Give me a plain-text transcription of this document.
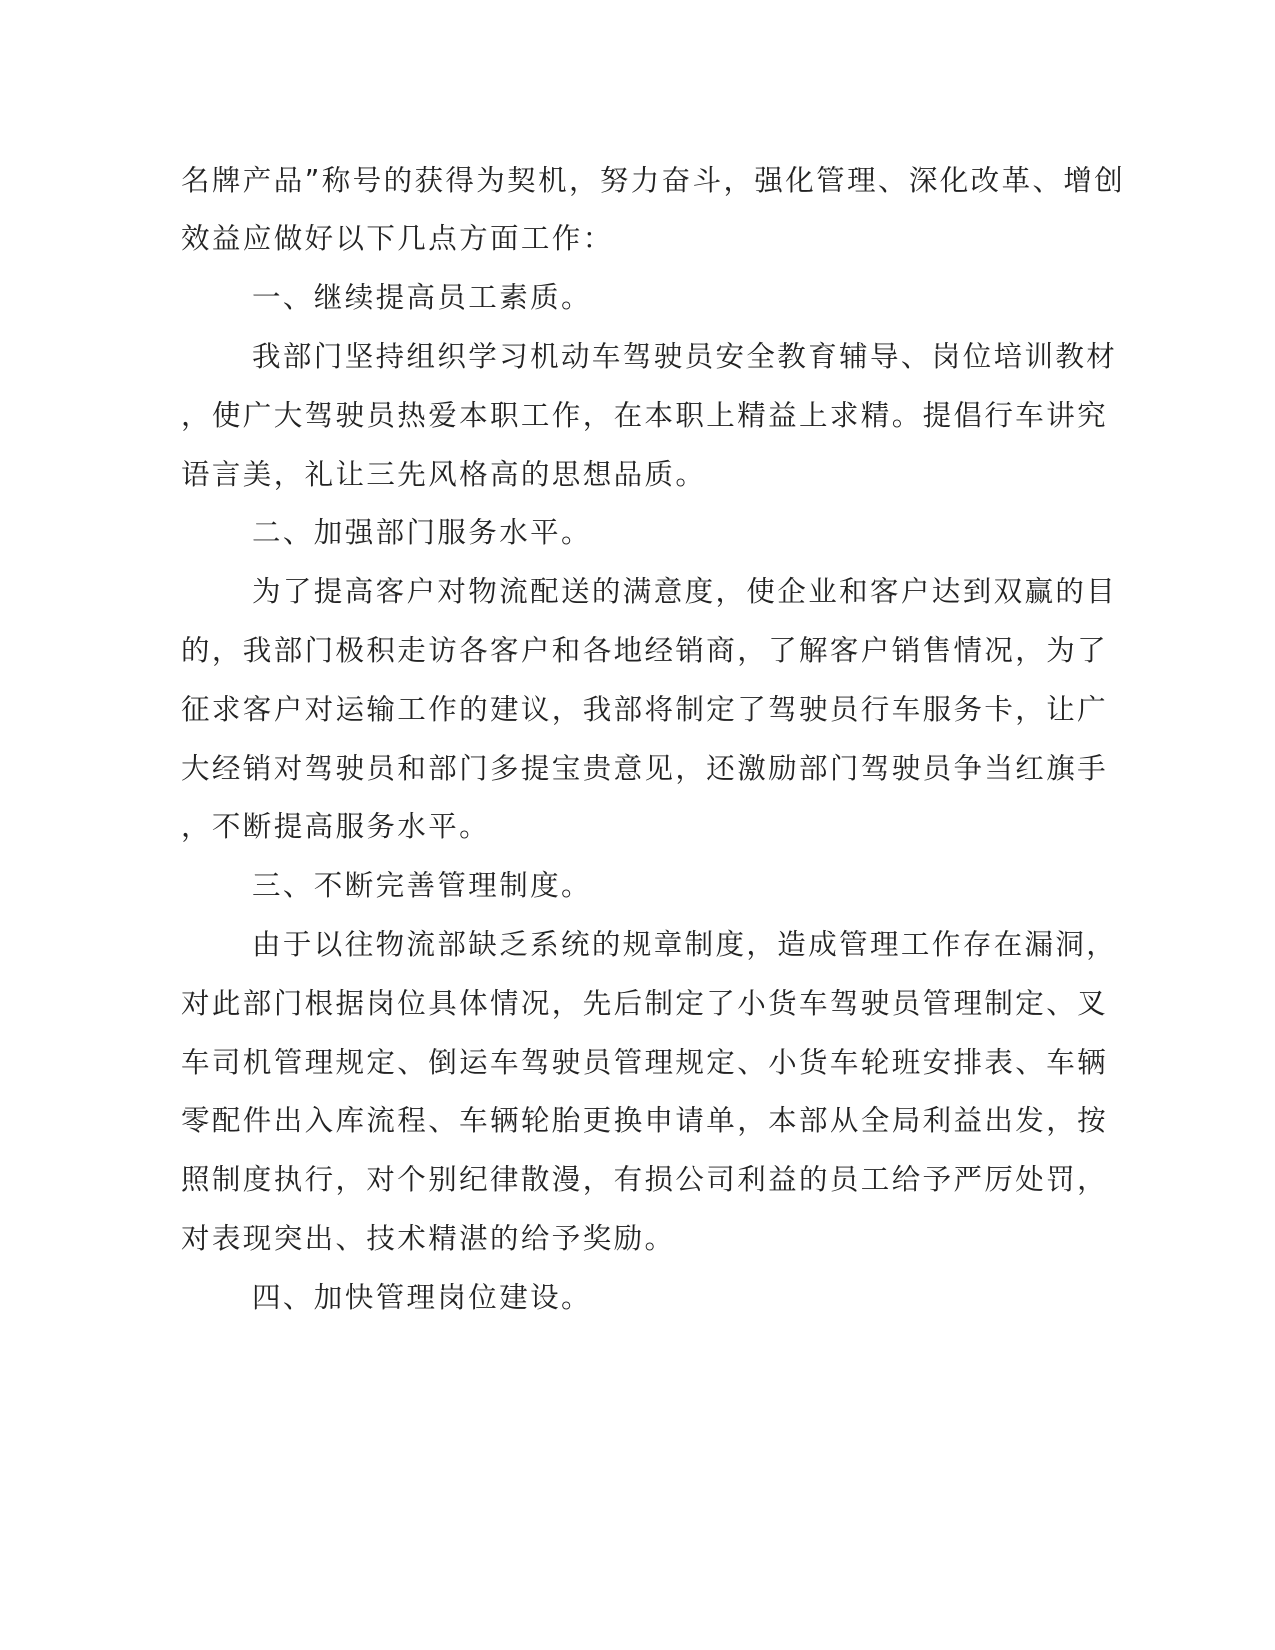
名牌产品”称号的获得为契机，努力奋斗，强化管理、深化改革、增创

效益应做好以下几点方面工作：

一、继续提高员工素质。

我部门坚持组织学习机动车驾驶员安全教育辅导、岗位培训教材

，使广大驾驶员热爱本职工作，在本职上精益上求精。提倡行车讲究

语言美，礼让三先风格高的思想品质。

二、加强部门服务水平。

为了提高客户对物流配送的满意度，使企业和客户达到双赢的目

的，我部门极积走访各客户和各地经销商，了解客户销售情况，为了

征求客户对运输工作的建议，我部将制定了驾驶员行车服务卡，让广

大经销对驾驶员和部门多提宝贵意见，还激励部门驾驶员争当红旗手

，不断提高服务水平。

三、不断完善管理制度。

由于以往物流部缺乏系统的规章制度，造成管理工作存在漏洞，

对此部门根据岗位具体情况，先后制定了小货车驾驶员管理制定、叉

车司机管理规定、倒运车驾驶员管理规定、小货车轮班安排表、车辆

零配件出入库流程、车辆轮胎更换申请单，本部从全局利益出发，按

照制度执行，对个别纪律散漫，有损公司利益的员工给予严厉处罚，

对表现突出、技术精湛的给予奖励。

四、加快管理岗位建设。
